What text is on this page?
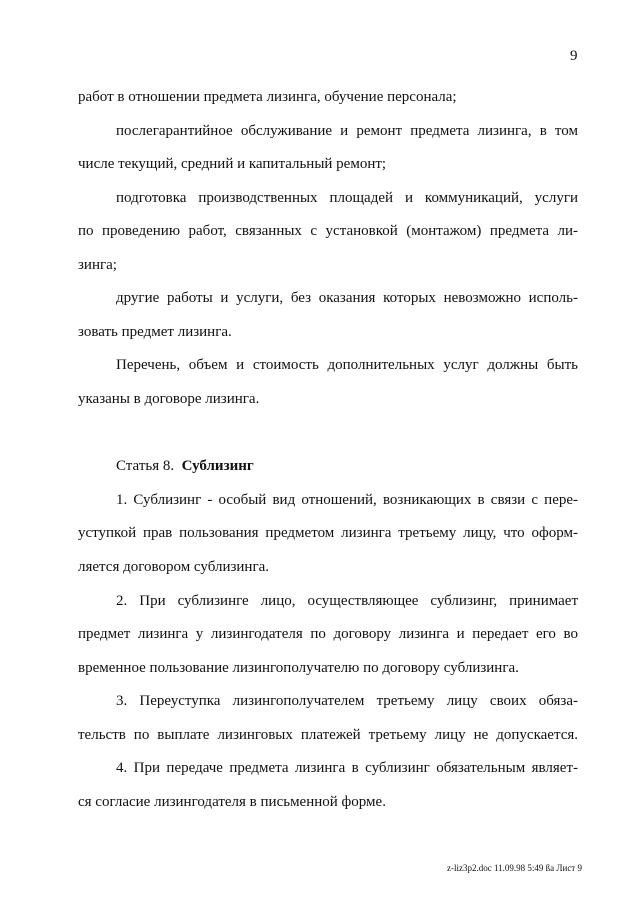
9
работ в отношении предмета лизинга, обучение персонала;
послегарантийное обслуживание и ремонт предмета лизинга, в том
числе текущий, средний и капитальный ремонт;
подготовка производственных площадей и коммуникаций, услуги
по проведению работ, связанных с установкой (монтажом) предмета ли-
зинга;
другие работы и услуги, без оказания которых невозможно исполь-
зовать предмет лизинга.
Перечень, объем и стоимость дополнительных услуг должны быть
указаны в договоре лизинга.
Статья 8. Сублизинг
1. Сублизинг - особый вид отношений, возникающих в связи с пере-
уступкой прав пользования предметом лизинга третьему лицу, что оформ-
ляется договором сублизинга.
2. При сублизинге лицо, осуществляющее сублизинг, принимает
предмет лизинга у лизингодателя по договору лизинга и передает его во
временное пользование лизингополучателю по договору сублизинга.
3. Переуступка лизингополучателем третьему лицу своих обяза-
тельств по выплате лизинговых платежей третьему лицу не допускается.
4. При передаче предмета лизинга в сублизинг обязательным являет-
ся согласие лизингодателя в письменной форме.
z-liz3p2.doc 11.09.98 5:49 ßa Лист 9
